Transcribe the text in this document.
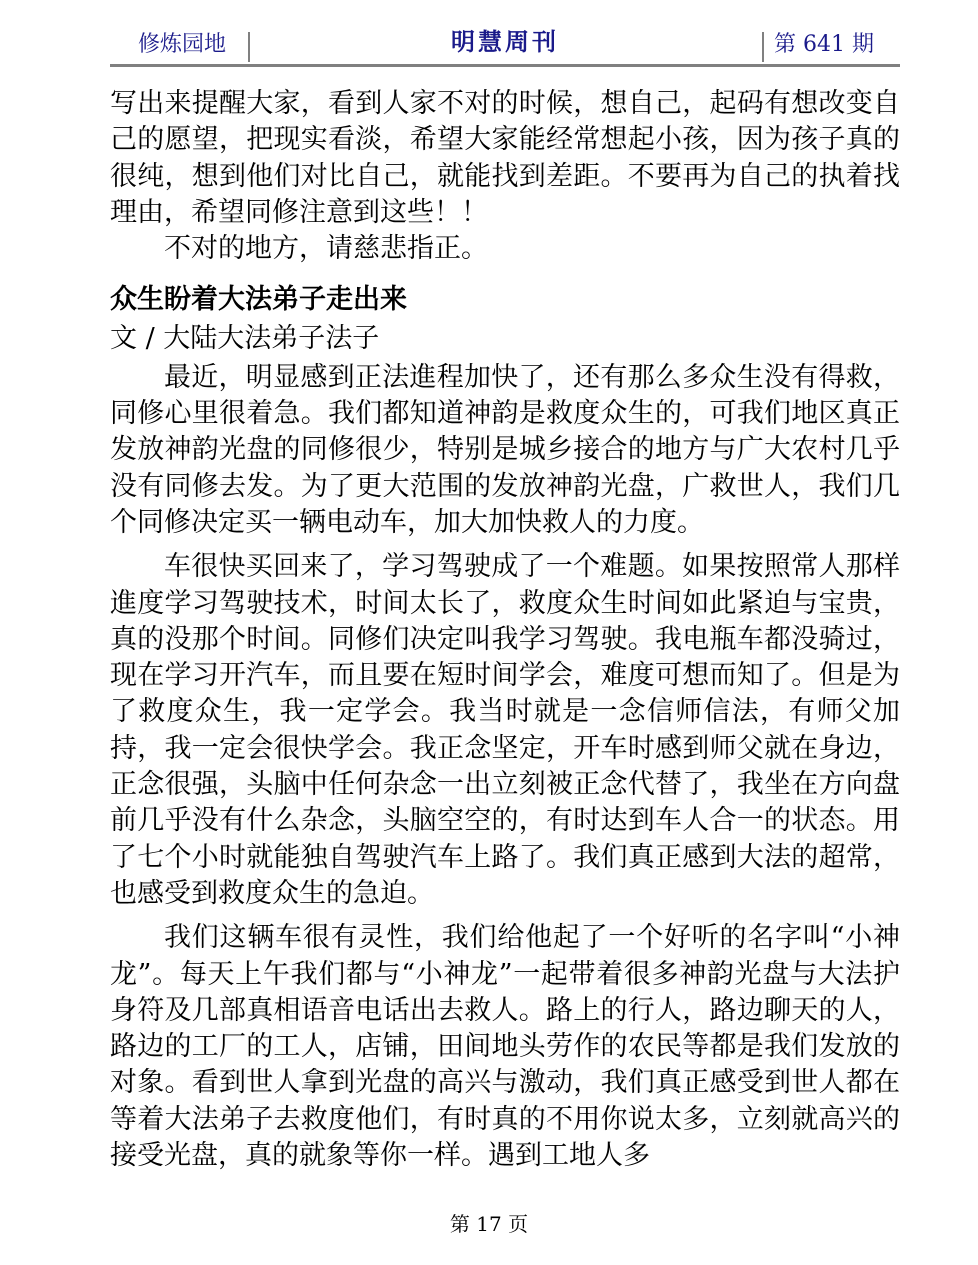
修炼园地	明慧周刊	第 641 期

写出来提醒大家，看到人家不对的时候，想自己，起码有想改变自己的愿望，把现实看淡，希望大家能经常想起小孩，因为孩子真的很纯，想到他们对比自己，就能找到差距。不要再为自己的执着找理由，希望同修注意到这些！！

不对的地方，请慈悲指正。

众生盼着大法弟子走出来

文 / 大陆大法弟子法子

最近，明显感到正法進程加快了，还有那么多众生没有得救，同修心里很着急。我们都知道神韵是救度众生的，可我们地区真正发放神韵光盘的同修很少，特别是城乡接合的地方与广大农村几乎没有同修去发。为了更大范围的发放神韵光盘，广救世人，我们几个同修决定买一辆电动车，加大加快救人的力度。

车很快买回来了，学习驾驶成了一个难题。如果按照常人那样進度学习驾驶技术，时间太长了，救度众生时间如此紧迫与宝贵，真的没那个时间。同修们决定叫我学习驾驶。我电瓶车都没骑过，现在学习开汽车，而且要在短时间学会，难度可想而知了。但是为了救度众生，我一定学会。我当时就是一念信师信法，有师父加持，我一定会很快学会。我正念坚定，开车时感到师父就在身边，正念很强，头脑中任何杂念一出立刻被正念代替了，我坐在方向盘前几乎没有什么杂念，头脑空空的，有时达到车人合一的状态。用了七个小时就能独自驾驶汽车上路了。我们真正感到大法的超常，也感受到救度众生的急迫。

我们这辆车很有灵性，我们给他起了一个好听的名字叫“小神龙”。每天上午我们都与“小神龙”一起带着很多神韵光盘与大法护身符及几部真相语音电话出去救人。路上的行人，路边聊天的人，路边的工厂的工人，店铺，田间地头劳作的农民等都是我们发放的对象。看到世人拿到光盘的高兴与激动，我们真正感受到世人都在等着大法弟子去救度他们，有时真的不用你说太多，立刻就高兴的接受光盘，真的就象等你一样。遇到工地人多

第 17 页
